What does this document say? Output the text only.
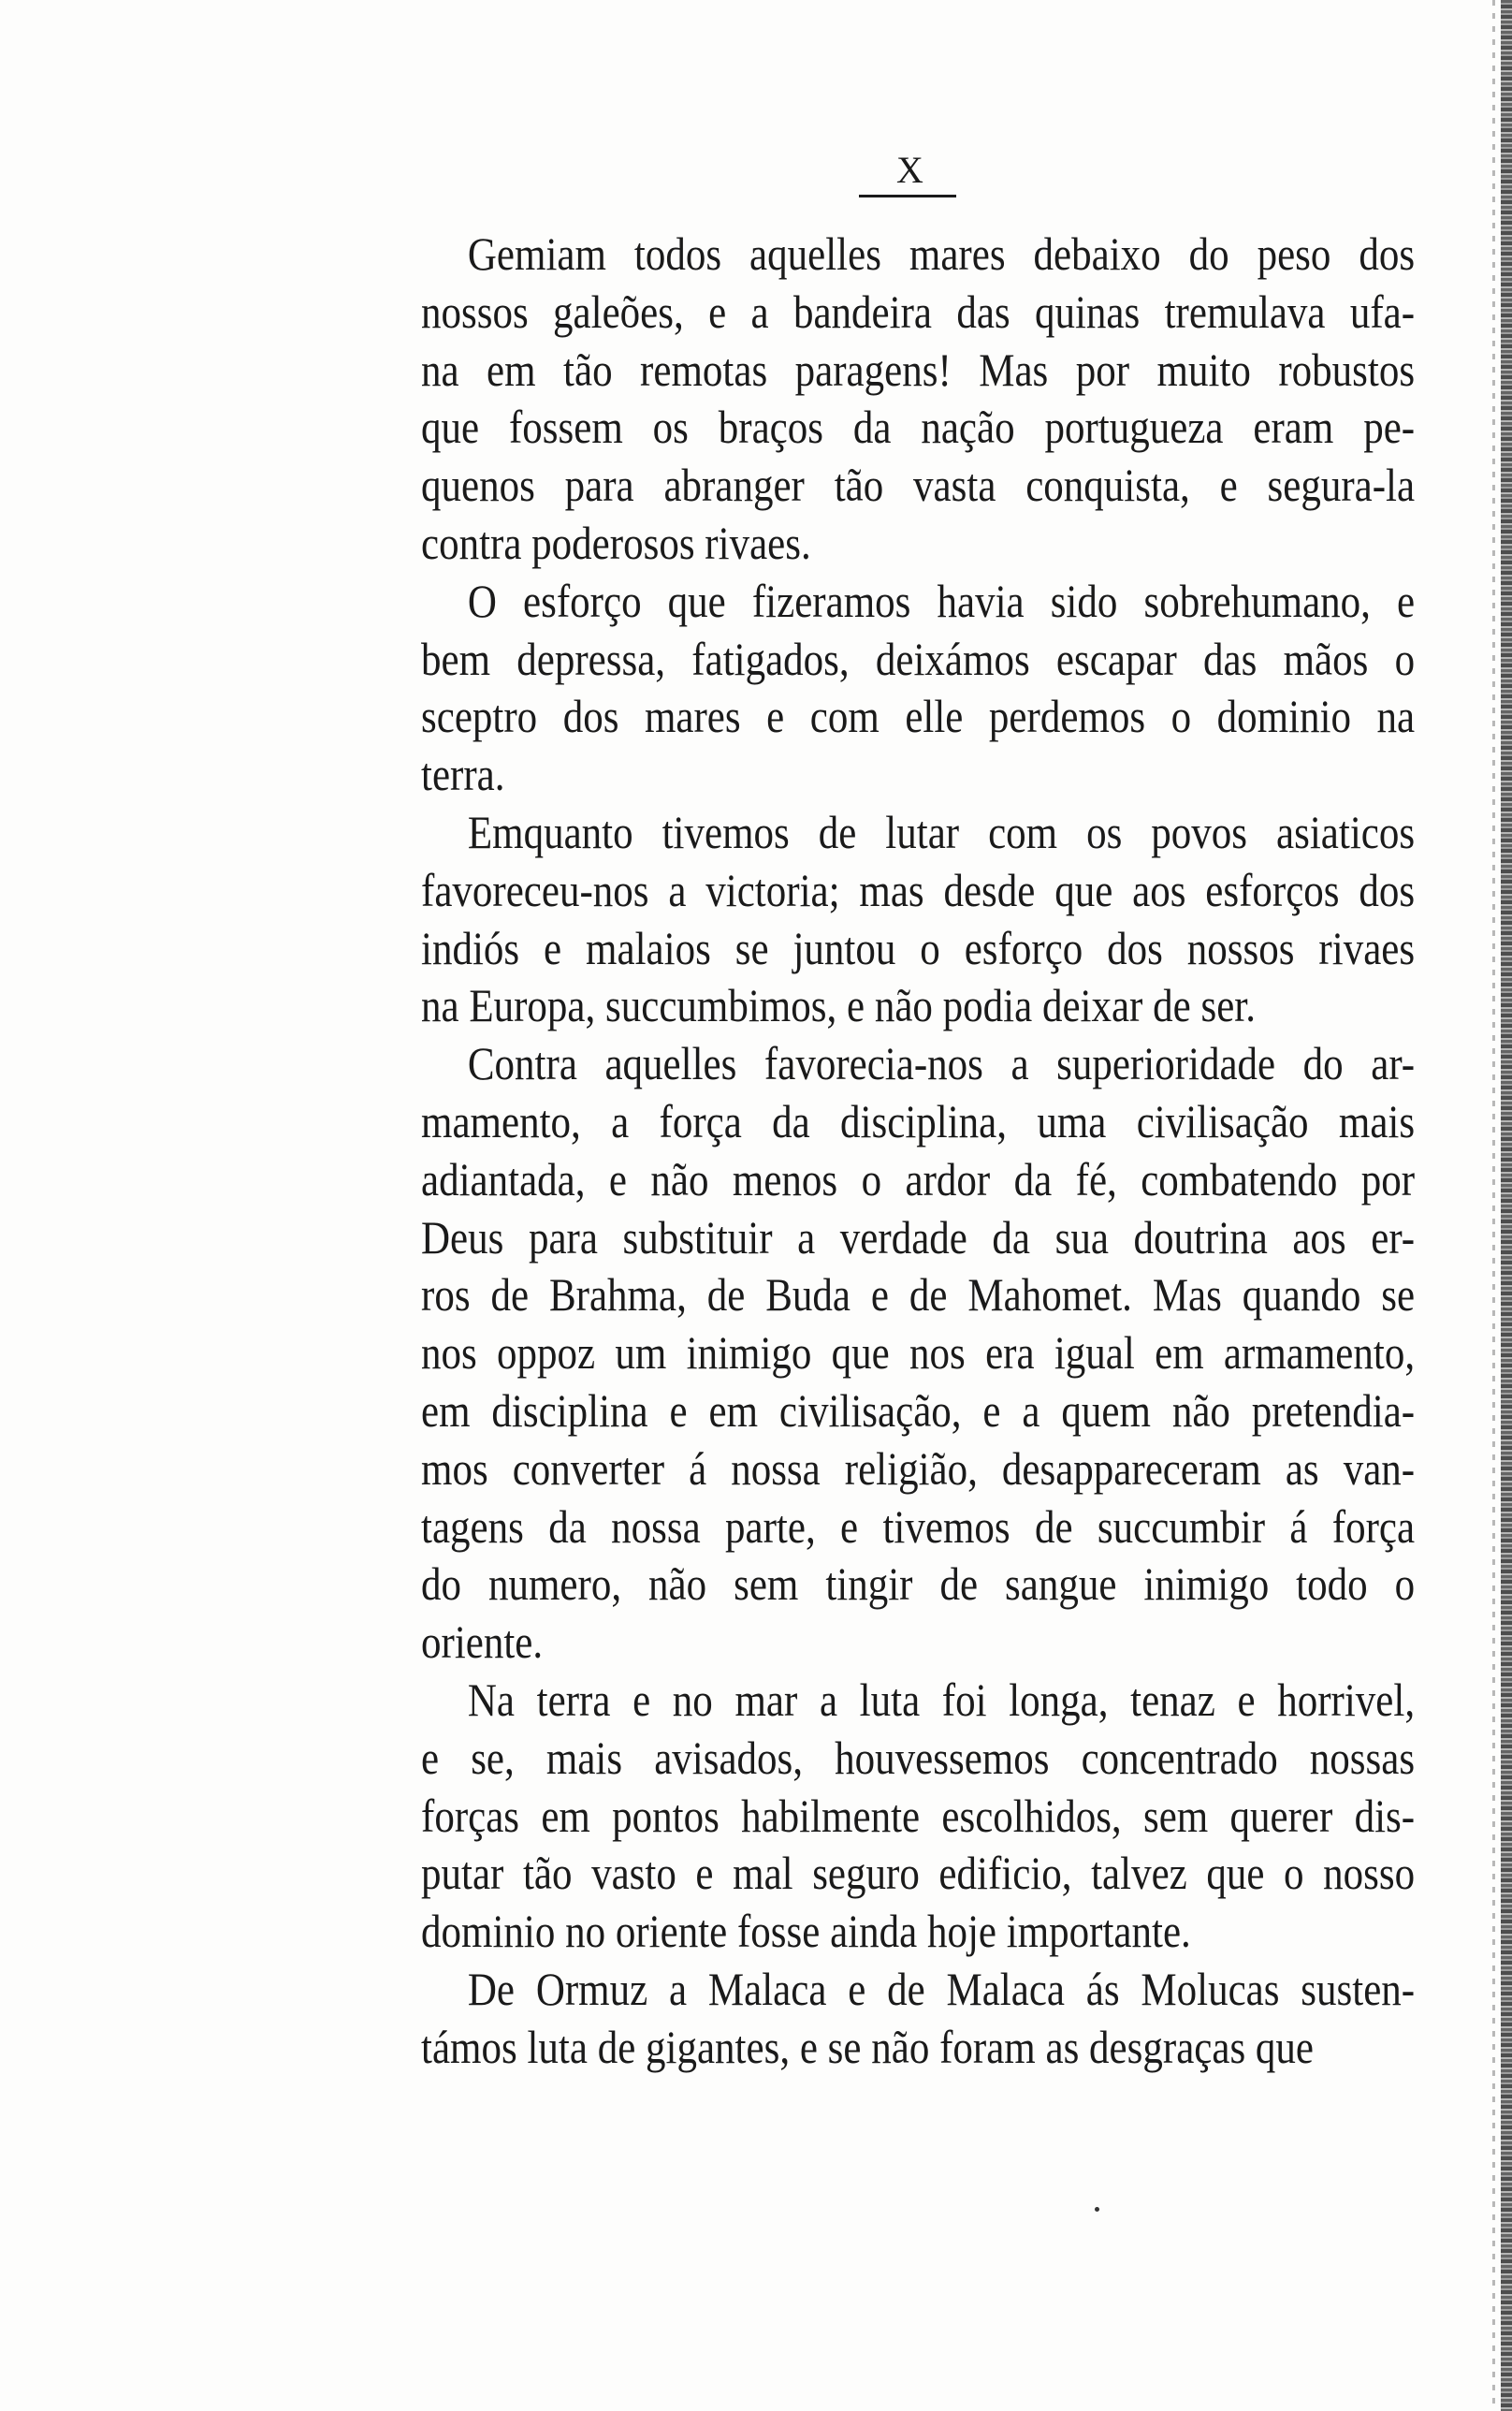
X
Gemiam todos aquelles mares debaixo do peso dos
nossos galeões, e a bandeira das quinas tremulava ufa-
na em tão remotas paragens! Mas por muito robustos
que fossem os braços da nação portugueza eram pe-
quenos para abranger tão vasta conquista, e segura-la
contra poderosos rivaes.
O esforço que fizeramos havia sido sobrehumano, e
bem depressa, fatigados, deixámos escapar das mãos o
sceptro dos mares e com elle perdemos o dominio na
terra.
Emquanto tivemos de lutar com os povos asiaticos
favoreceu-nos a victoria; mas desde que aos esforços dos
indiós e malaios se juntou o esforço dos nossos rivaes
na Europa, succumbimos, e não podia deixar de ser.
Contra aquelles favorecia-nos a superioridade do ar-
mamento, a força da disciplina, uma civilisação mais
adiantada, e não menos o ardor da fé, combatendo por
Deus para substituir a verdade da sua doutrina aos er-
ros de Brahma, de Buda e de Mahomet. Mas quando se
nos oppoz um inimigo que nos era igual em armamento,
em disciplina e em civilisação, e a quem não pretendia-
mos converter á nossa religião, desappareceram as van-
tagens da nossa parte, e tivemos de succumbir á força
do numero, não sem tingir de sangue inimigo todo o
oriente.
Na terra e no mar a luta foi longa, tenaz e horrivel,
e se, mais avisados, houvessemos concentrado nossas
forças em pontos habilmente escolhidos, sem querer dis-
putar tão vasto e mal seguro edificio, talvez que o nosso
dominio no oriente fosse ainda hoje importante.
De Ormuz a Malaca e de Malaca ás Molucas susten-
támos luta de gigantes, e se não foram as desgraças que
